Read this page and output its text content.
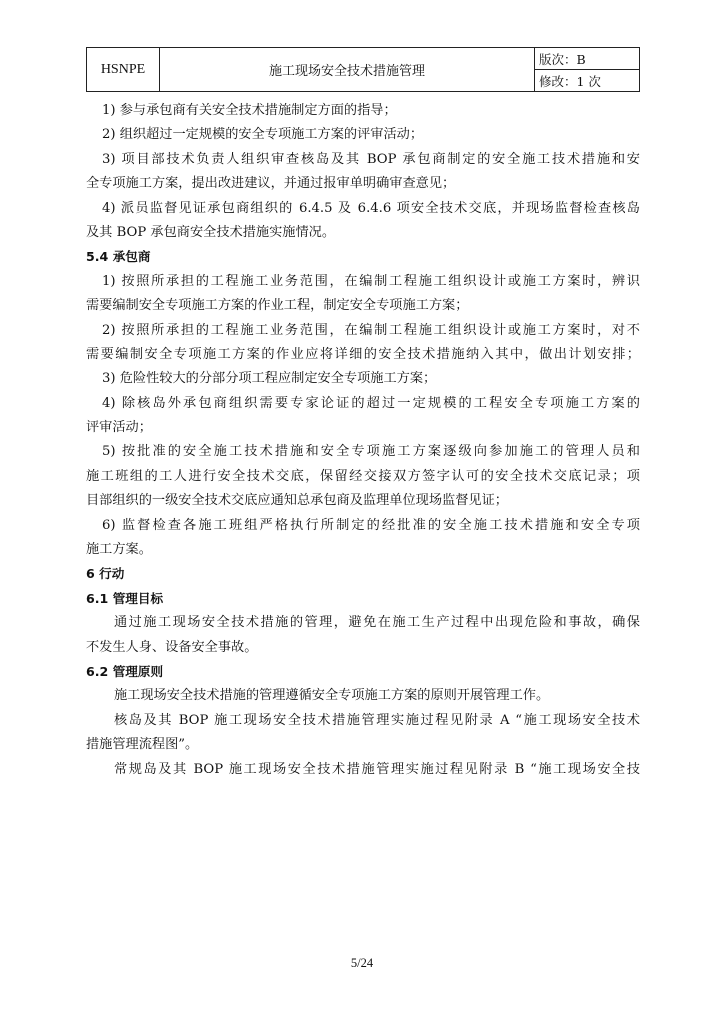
HSNPE	施工现场安全技术措施管理	版次：B
修改：1 次
1) 参与承包商有关安全技术措施制定方面的指导；
2) 组织超过一定规模的安全专项施工方案的评审活动；
3) 项目部技术负责人组织审查核岛及其 BOP 承包商制定的安全施工技术措施和安
全专项施工方案，提出改进建议，并通过报审单明确审查意见；
4) 派员监督见证承包商组织的 6.4.5 及 6.4.6 项安全技术交底，并现场监督检查核岛
及其 BOP 承包商安全技术措施实施情况。
5.4 承包商
1) 按照所承担的工程施工业务范围，在编制工程施工组织设计或施工方案时，辨识
需要编制安全专项施工方案的作业工程，制定安全专项施工方案；
2) 按照所承担的工程施工业务范围，在编制工程施工组织设计或施工方案时，对不
需要编制安全专项施工方案的作业应将详细的安全技术措施纳入其中，做出计划安排；
3) 危险性较大的分部分项工程应制定安全专项施工方案；
4) 除核岛外承包商组织需要专家论证的超过一定规模的工程安全专项施工方案的
评审活动；
5) 按批准的安全施工技术措施和安全专项施工方案逐级向参加施工的管理人员和
施工班组的工人进行安全技术交底，保留经交接双方签字认可的安全技术交底记录；项
目部组织的一级安全技术交底应通知总承包商及监理单位现场监督见证；
6) 监督检查各施工班组严格执行所制定的经批准的安全施工技术措施和安全专项
施工方案。
6 行动
6.1 管理目标
通过施工现场安全技术措施的管理，避免在施工生产过程中出现危险和事故，确保
不发生人身、设备安全事故。
6.2 管理原则
施工现场安全技术措施的管理遵循安全专项施工方案的原则开展管理工作。
核岛及其 BOP 施工现场安全技术措施管理实施过程见附录 A “施工现场安全技术
措施管理流程图”。
常规岛及其 BOP 施工现场安全技术措施管理实施过程见附录 B “施工现场安全技
5/24
